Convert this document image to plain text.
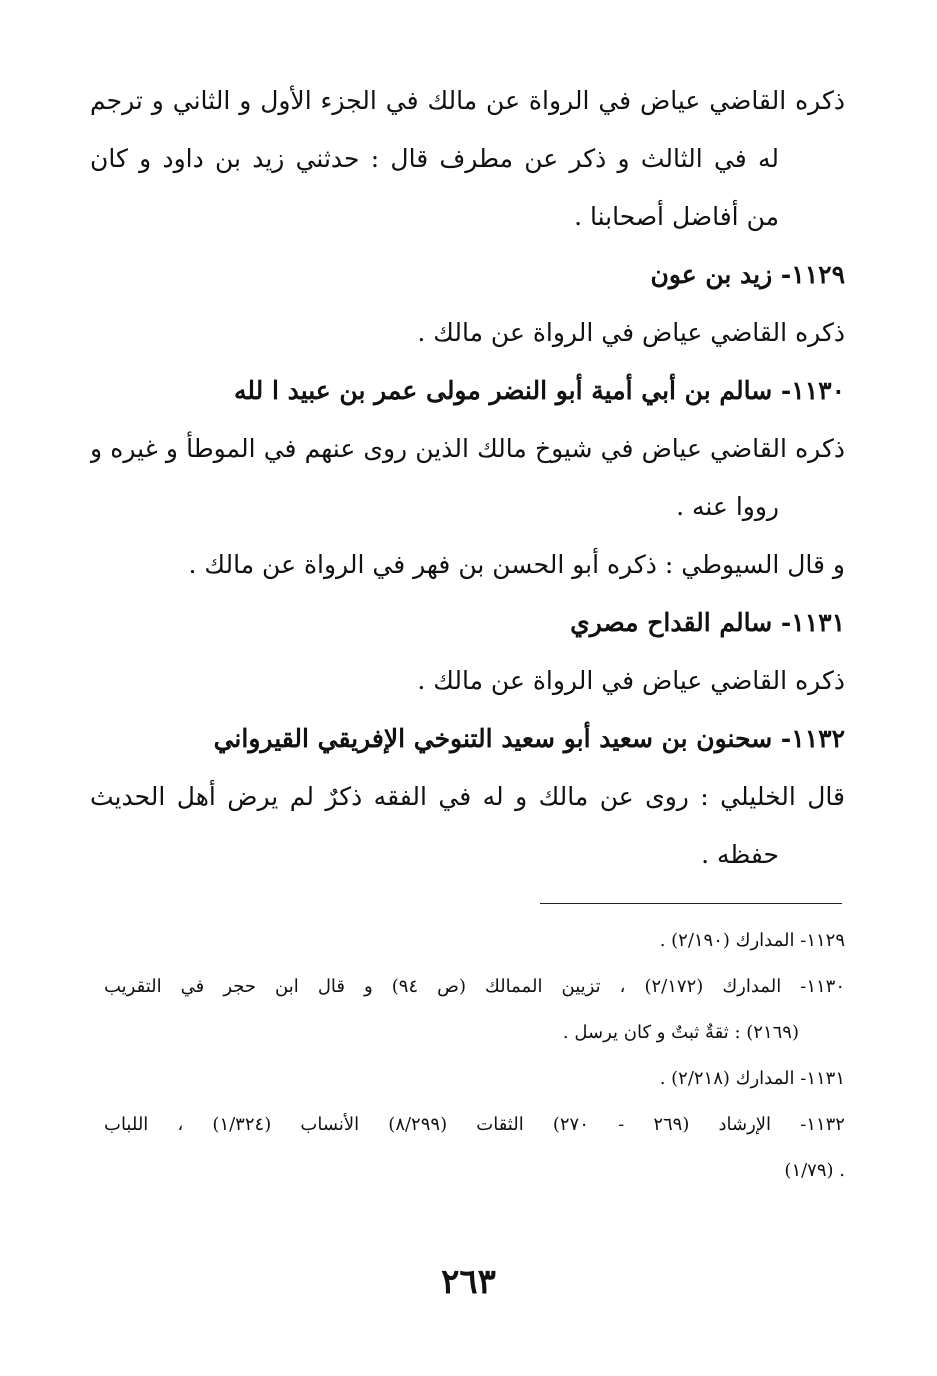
ذكره القاضي عياض في الرواة عن مالك في الجزء الأول و الثاني و ترجم
له في الثالث و ذكر عن مطرف قال : حدثني زيد بن داود و كان
من أفاضل أصحابنا .
١١٢٩- زيد بن عون
ذكره القاضي عياض في الرواة عن مالك .
١١٣٠- سالم بن أبي أمية أبو النضر مولى عمر بن عبيد ا لله
ذكره القاضي عياض في شيوخ مالك الذين روى عنهم في الموطأ و غيره و
رووا عنه .
و قال السيوطي : ذكره أبو الحسن بن فهر في الرواة عن مالك .
١١٣١- سالم القداح مصري
ذكره القاضي عياض في الرواة عن مالك .
١١٣٢- سحنون بن سعيد أبو سعيد التنوخي الإفريقي القيرواني
قال الخليلي : روى عن مالك و له في الفقه ذكرٌ لم يرض أهل الحديث
حفظه .
١١٢٩- المدارك (٢/١٩٠) .
١١٣٠- المدارك (٢/١٧٢) ، تزيين الممالك (ص ٩٤) و قال ابن حجر في التقريب
(٢١٦٩) : ثقةٌ ثبتٌ و كان يرسل .
١١٣١- المدارك (٢/٢١٨) .
١١٣٢- الإرشاد (٢٦٩ - ٢٧٠) الثقات (٨/٢٩٩) الأنساب (١/٣٢٤) ، اللباب
. (١/٧٩)
٢٦٣
